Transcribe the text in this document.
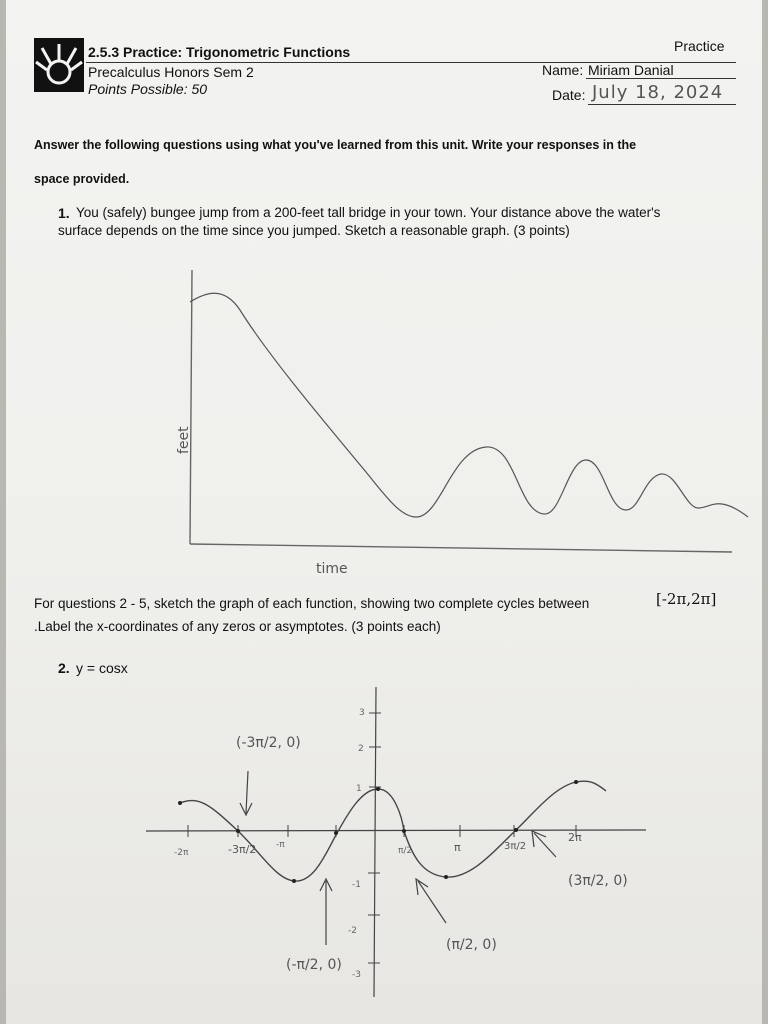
2.5.3 Practice: Trigonometric Functions
Precalculus Honors Sem 2
Points Possible: 50
Practice
Name: Miriam Danial
Date: July 18, 2024
Answer the following questions using what you've learned from this unit. Write your responses in the
space provided.
1. You (safely) bungee jump from a 200-feet tall bridge in your town. Your distance above the water's
surface depends on the time since you jumped. Sketch a reasonable graph. (3 points)
feet
time
For questions 2 - 5, sketch the graph of each function, showing two complete cycles between	[-2π,2π]
.Label the x-coordinates of any zeros or asymptotes. (3 points each)
2. y = cosx
3
2
1
-1
-2
-3
-2π	-3π/2 -π
π/2	π	3π/2
2π
(-3π/2, 0)
(-π/2, 0)
(π/2, 0)
(3π/2, 0)
